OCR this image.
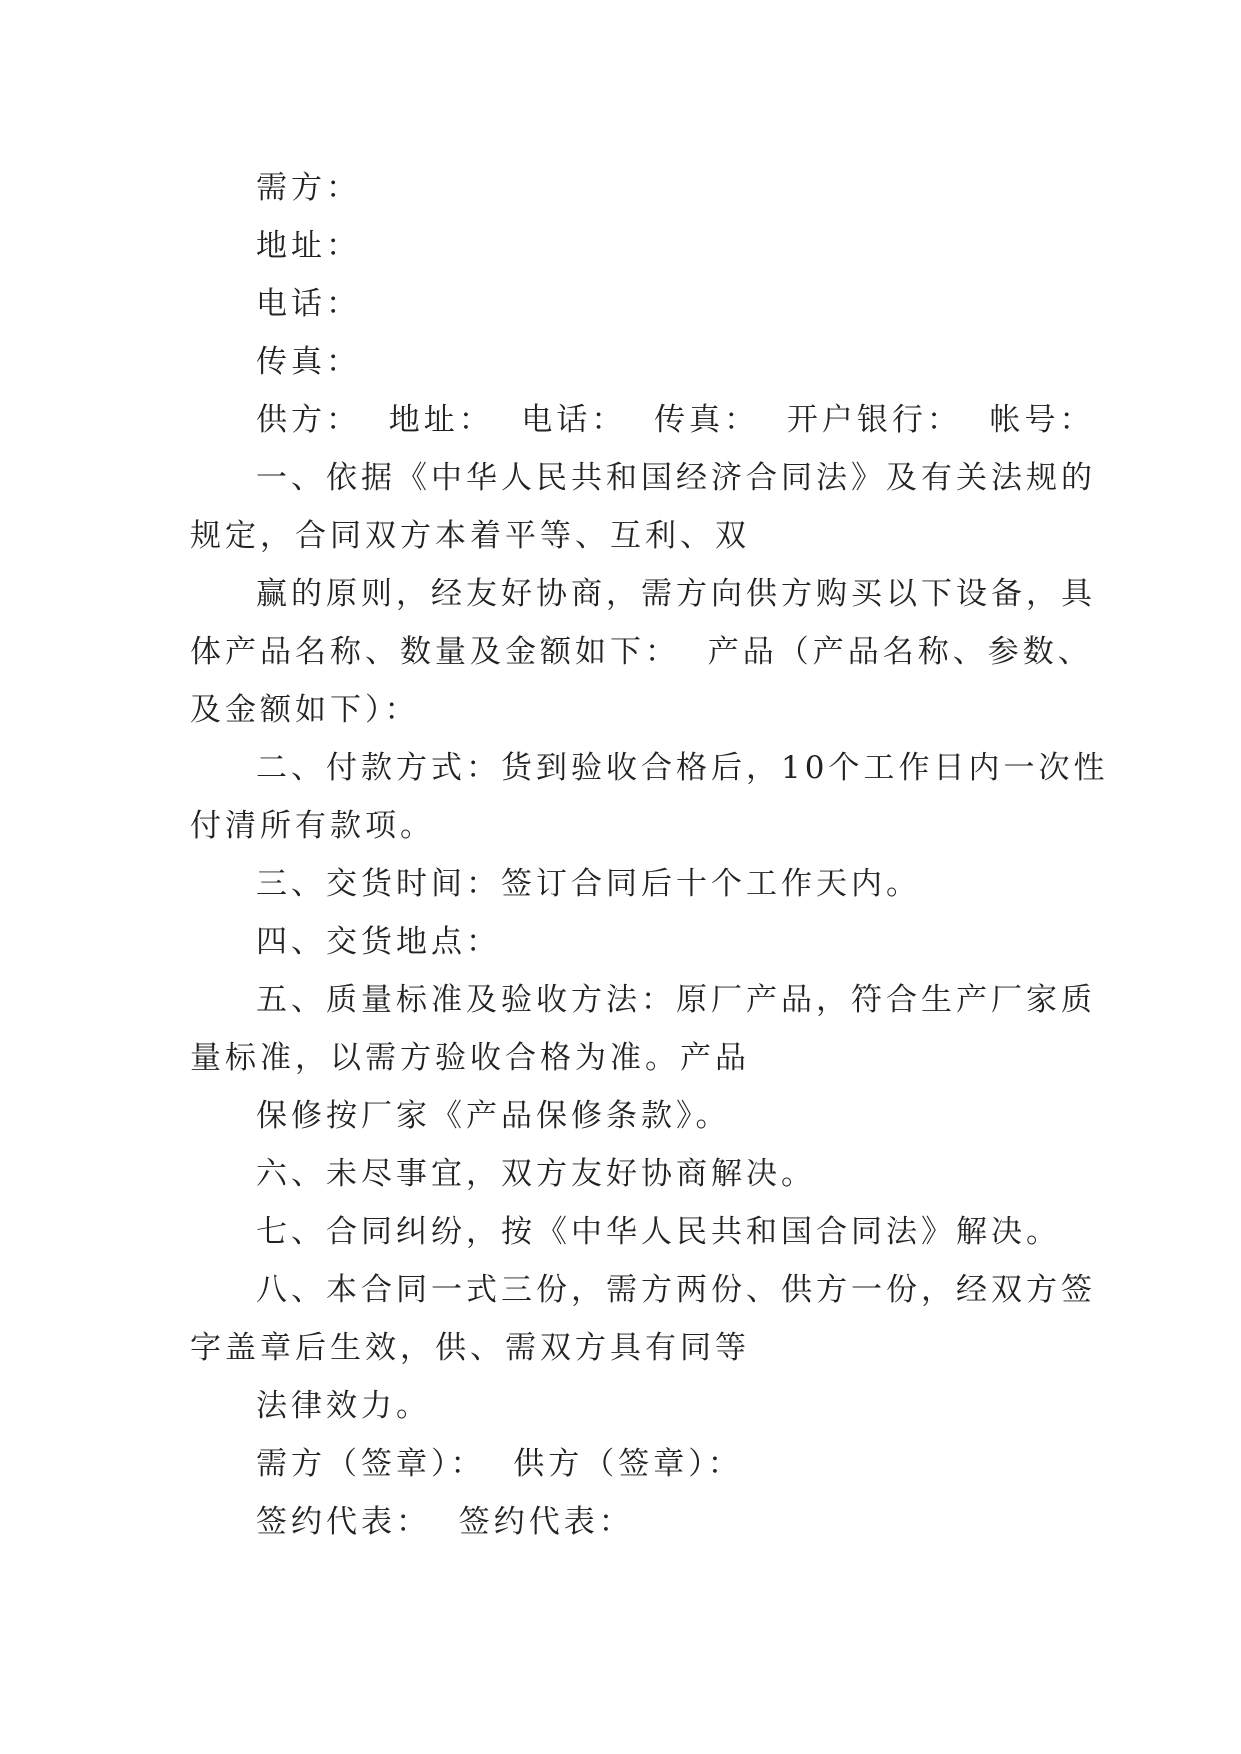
需方：
地址：
电话：
传真：
供方：  地址：  电话：  传真：  开户银行：  帐号：
一、依据《中华人民共和国经济合同法》及有关法规的
规定，合同双方本着平等、互利、双
赢的原则，经友好协商，需方向供方购买以下设备，具
体产品名称、数量及金额如下：  产品（产品名称、参数、
及金额如下）：
二、付款方式：货到验收合格后，10个工作日内一次性
付清所有款项。
三、交货时间：签订合同后十个工作天内。
四、交货地点：
五、质量标准及验收方法：原厂产品，符合生产厂家质
量标准，以需方验收合格为准。产品
保修按厂家《产品保修条款》。
六、未尽事宜，双方友好协商解决。
七、合同纠纷，按《中华人民共和国合同法》解决。
八、本合同一式三份，需方两份、供方一份，经双方签
字盖章后生效，供、需双方具有同等
法律效力。
需方（签章）：  供方（签章）：
签约代表：  签约代表：
